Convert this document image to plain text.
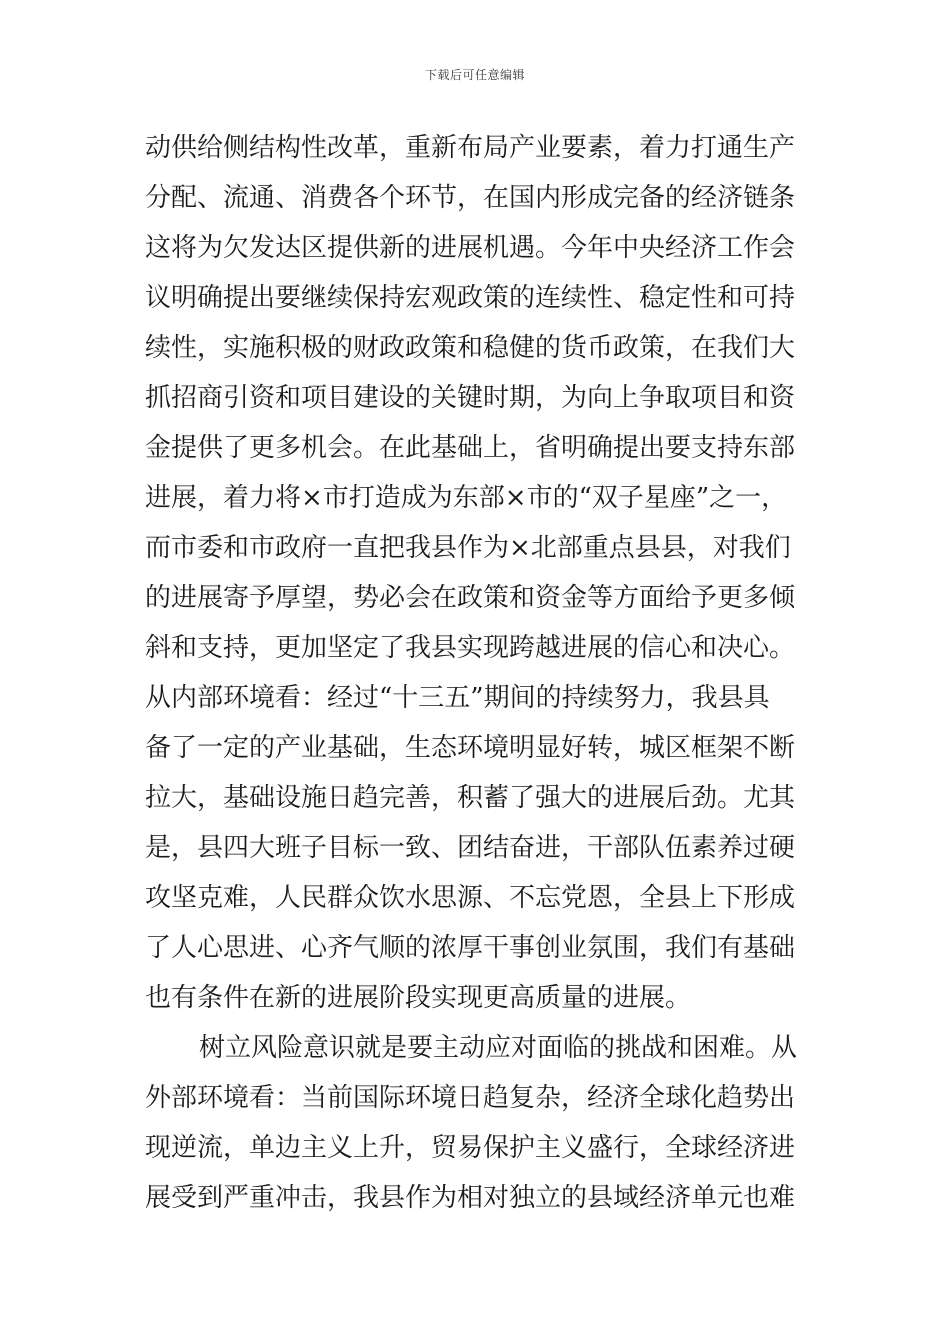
下载后可任意编辑
动供给侧结构性改革，重新布局产业要素，着力打通生产
分配、流通、消费各个环节，在国内形成完备的经济链条
这将为欠发达区提供新的进展机遇。今年中央经济工作会
议明确提出要继续保持宏观政策的连续性、稳定性和可持
续性，实施积极的财政政策和稳健的货币政策，在我们大
抓招商引资和项目建设的关键时期，为向上争取项目和资
金提供了更多机会。在此基础上，省明确提出要支持东部
进展，着力将×市打造成为东部×市的“双子星座”之一，
而市委和市政府一直把我县作为×北部重点县县，对我们
的进展寄予厚望，势必会在政策和资金等方面给予更多倾
斜和支持，更加坚定了我县实现跨越进展的信心和决心。
从内部环境看：经过“十三五”期间的持续努力，我县具
备了一定的产业基础，生态环境明显好转，城区框架不断
拉大，基础设施日趋完善，积蓄了强大的进展后劲。尤其
是，县四大班子目标一致、团结奋进，干部队伍素养过硬
攻坚克难，人民群众饮水思源、不忘党恩，全县上下形成
了人心思进、心齐气顺的浓厚干事创业氛围，我们有基础
也有条件在新的进展阶段实现更高质量的进展。
树立风险意识就是要主动应对面临的挑战和困难。从
外部环境看：当前国际环境日趋复杂，经济全球化趋势出
现逆流，单边主义上升，贸易保护主义盛行，全球经济进
展受到严重冲击，我县作为相对独立的县域经济单元也难
